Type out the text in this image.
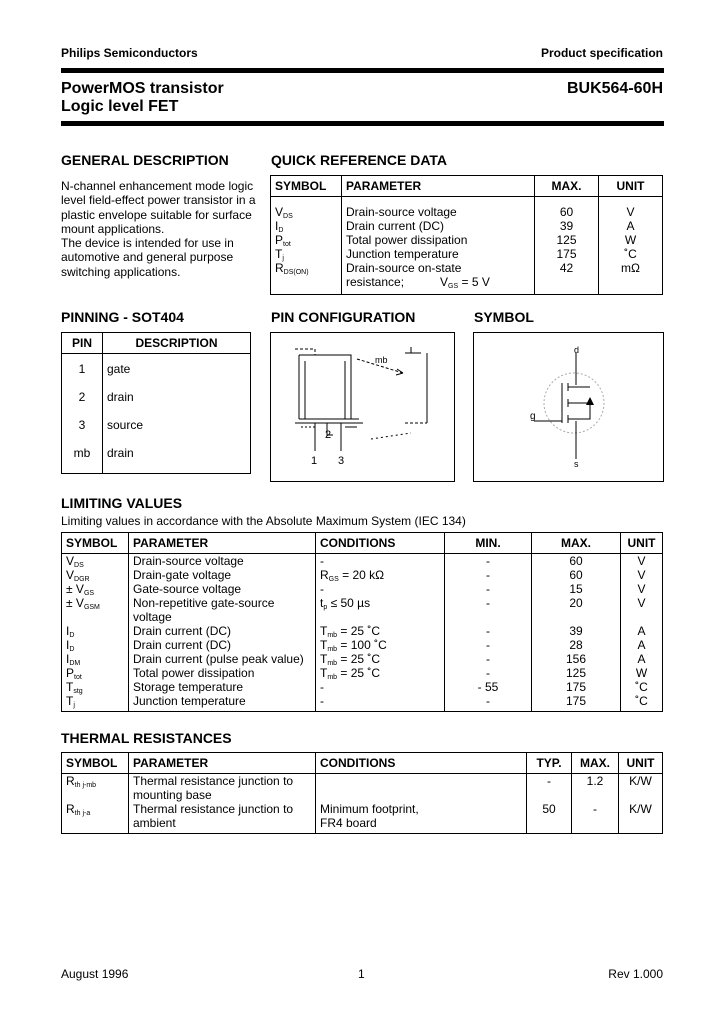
Philips Semiconductors	Product specification
PowerMOS transistor
Logic level FET
BUK564-60H
GENERAL DESCRIPTION
N-channel enhancement mode logic
level field-effect power transistor in a
plastic envelope suitable for surface
mount applications.
The device is intended for use in
automotive and general purpose
switching applications.
QUICK REFERENCE DATA
SYMBOL	PARAMETER	MAX.	UNIT

$V_{DS}$	Drain-source voltage	60	V
$I_D$	Drain current (DC)	39	A
$P_{tot}$	Total power dissipation	125	W
$T_j$	Junction temperature	175	˚C
$R_{DS(ON)}$	Drain-source on-state	42	mΩ
	resistance; $V_{GS} = 5$ V		

PINNING - SOT404
PIN	DESCRIPTION

1	gate
2	drain
3	source
mb	drain
PIN CONFIGURATION
mb
2
1 3
SYMBOL
d
g
s
LIMITING VALUES
Limiting values in accordance with the Absolute Maximum System (IEC 134)
SYMBOL	PARAMETER	CONDITIONS	MIN.	MAX.	UNIT
$V_{DS}$	Drain-source voltage	-	-	60	V
$V_{DGR}$	Drain-gate voltage	$R_{GS} = 20$ kΩ	-	60	V
± $V_{GS}$	Gate-source voltage	-	-	15	V
± $V_{GSM}$	Non-repetitive gate-source	$t_p \le 50$ µs	-	20	V
	voltage				
$I_D$	Drain current (DC)	$T_{mb} = 25$ ˚C	-	39	A
$I_D$	Drain current (DC)	$T_{mb} = 100$ ˚C	-	28	A
$I_{DM}$	Drain current (pulse peak value)	$T_{mb} = 25$ ˚C	-	156	A
$P_{tot}$	Total power dissipation	$T_{mb} = 25$ ˚C	-	125	W
$T_{stg}$	Storage temperature	-	- 55	175	˚C
$T_j$	Junction temperature	-	-	175	˚C

THERMAL RESISTANCES
SYMBOL	PARAMETER	CONDITIONS	TYP.	MAX.	UNIT
$R_{th j-mb}$	Thermal resistance junction to		-	1.2	K/W
	mounting base				
$R_{th j-a}$	Thermal resistance junction to	Minimum footprint,	50	-	K/W
	ambient	FR4 board			

August 1996	1	Rev 1.000
